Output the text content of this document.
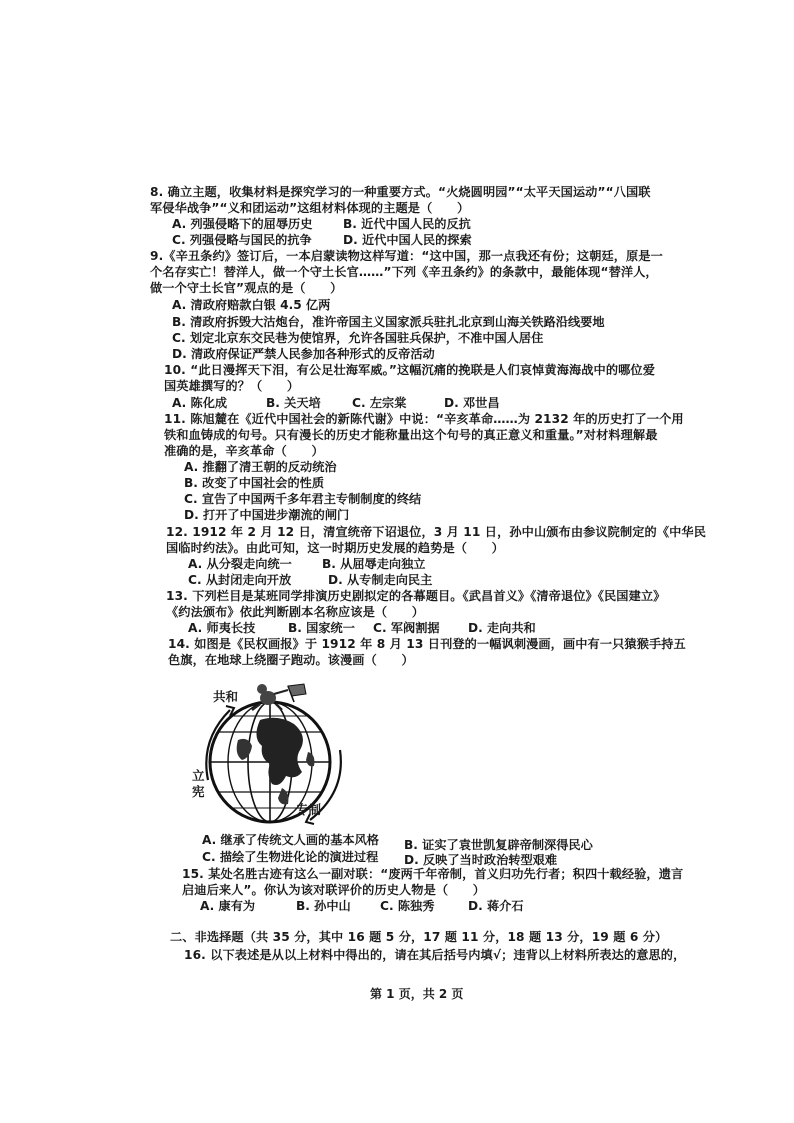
8. 确立主题，收集材料是探究学习的一种重要方式。“火烧圆明园”“太平天国运动”“八国联
军侵华战争”“义和团运动”这组材料体现的主题是（　　）
A. 列强侵略下的屈辱历史	B. 近代中国人民的反抗
C. 列强侵略与国民的抗争	D. 近代中国人民的探索
9.《辛丑条约》签订后，一本启蒙读物这样写道：“这中国，那一点我还有份；这朝廷，原是一
个名存实亡！替洋人，做一个守土长官……”下列《辛丑条约》的条款中，最能体现“替洋人，
做一个守土长官”观点的是（　　）
A. 清政府赔款白银 4.5 亿两
B. 清政府拆毁大沽炮台，准许帝国主义国家派兵驻扎北京到山海关铁路沿线要地
C. 划定北京东交民巷为使馆界，允许各国驻兵保护，不准中国人居住
D. 清政府保证严禁人民参加各种形式的反帝活动
10. “此日漫挥天下泪，有公足壮海军威。”这幅沉痛的挽联是人们哀悼黄海海战中的哪位爱
国英雄撰写的？（　　）
A. 陈化成	B. 关天培	C. 左宗棠	D. 邓世昌
11. 陈旭麓在《近代中国社会的新陈代谢》中说：“辛亥革命……为 2132 年的历史打了一个用
铁和血铸成的句号。只有漫长的历史才能称量出这个句号的真正意义和重量。”对材料理解最
准确的是，辛亥革命（　　）
A. 推翻了清王朝的反动统治
B. 改变了中国社会的性质
C. 宣告了中国两千多年君主专制制度的终结
D. 打开了中国进步潮流的闸门
12. 1912 年 2 月 12 日，清宣统帝下诏退位，3 月 11 日，孙中山颁布由参议院制定的《中华民
国临时约法》。由此可知，这一时期历史发展的趋势是（　　）
A. 从分裂走向统一 B. 从屈辱走向独立
C. 从封闭走向开放	D. 从专制走向民主
13. 下列栏目是某班同学排演历史剧拟定的各幕题目。《武昌首义》《清帝退位》《民国建立》
《约法颁布》依此判断剧本名称应该是（　　）
A. 师夷长技	B. 国家统一 C. 军阀割据 D. 走向共和
14. 如图是《民权画报》于 1912 年 8 月 13 日刊登的一幅讽刺漫画，画中有一只猿猴手持五
色旗，在地球上绕圈子跑动。该漫画（　　）
共和
立
宪
专制
A. 继承了传统文人画的基本风格 B. 证实了袁世凯复辟帝制深得民心
C. 描绘了生物进化论的演进过程 D. 反映了当时政治转型艰难
15. 某处名胜古迹有这么一副对联：“废两千年帝制，首义归功先行者；积四十载经验，遗言
启迪后来人”。你认为该对联评价的历史人物是（　　）
A. 康有为	B. 孙中山 C. 陈独秀	D. 蒋介石
二、非选择题（共 35 分，其中 16 题 5 分，17 题 11 分，18 题 13 分，19 题 6 分）
16. 以下表述是从以上材料中得出的，请在其后括号内填√；违背以上材料所表达的意思的，
第 1 页，共 2 页
